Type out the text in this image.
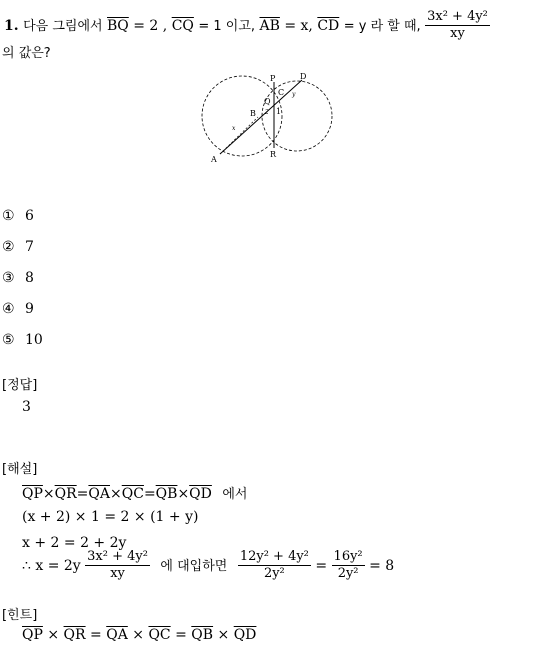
1. 다음 그림에서 $\overline{BQ} = 2$ , $\overline{CQ} = 1$ 이고, $\overline{AB} = x$, $\overline{CD} = y$ 라 할 때, $\frac{\text{3x² + 4y²}}{xy}$
의 값은?
P	D
Q
C
B	1
2
x
y
A
R
① 6
② 7
③ 8
④ 9
⑤ 10
[정답]
3
[해설]
$\overline{QP}\times\overline{QR}=\overline{QA}\times\overline{QC}=\overline{QB}\times\overline{QD}$ 에서
(x + 2) × 1 = 2 × (1 + y)
x + 2 = 2 + 2y
∴ $x = 2y \frac{\text{3x² + 4y²}}{xy}$ 에 대입하면 $\frac{\text{12y² + 4y²}}{\text{2y²}} = \frac{\text{16y²}}{\text{2y²}} = 8$
[힌트]
$\overline{QP} \times \overline{QR} = \overline{QA} \times \overline{QC} = \overline{QB} \times \overline{QD}$
